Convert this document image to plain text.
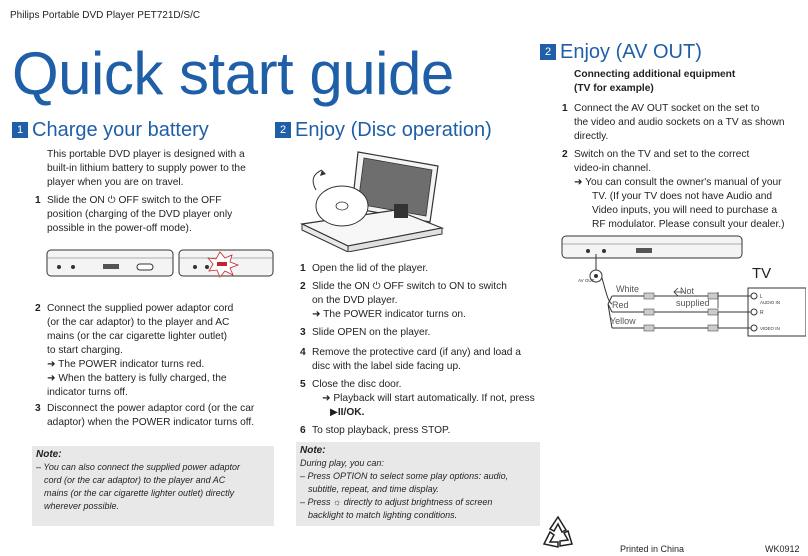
Philips Portable DVD Player PET721D/S/C
Quick start guide
1 Charge your battery
This portable DVD player is designed with a
built-in lithium battery to supply power to the
player when you are on travel.
1 Slide the ON ⏻ OFF switch to the OFF
position (charging of the DVD player only
possible in the power-off mode).
2 Connect the supplied power adaptor cord
(or the car adaptor) to the player and AC
mains (or the car cigarette lighter outlet)
to start charging.
➜ The POWER indicator turns red.
➜ When the battery is fully charged, the
indicator turns off.
3 Disconnect the power adaptor cord (or the car
adaptor) when the POWER indicator turns off.
Note:
– You can also connect the supplied power adaptor
cord (or the car adaptor) to the player and AC
mains (or the car cigarette lighter outlet) directly
wherever possible.
2 Enjoy (Disc operation)
1 Open the lid of the player.
2 Slide the ON ⏻ OFF switch to ON to switch
on the DVD player.
➜ The POWER indicator turns on.
3 Slide OPEN on the player.
4 Remove the protective card (if any) and load a
disc with the label side facing up.
5 Close the disc door.
➜ Playback will start automatically. If not, press
▶II/OK.
6 To stop playback, press STOP.
Note:
During play, you can:
– Press OPTION to select some play options: audio,
subtitle, repeat, and time display.
– Press ☼ directly to adjust brightness of screen
backlight to match lighting conditions.
2 Enjoy (AV OUT)
Connecting additional equipment
(TV for example)
1 Connect the AV OUT socket on the set to
the video and audio sockets on a TV as shown
directly.
2 Switch on the TV and set to the correct
video-in channel.
➜ You can consult the owner's manual of your
TV. (If your TV does not have Audio and
Video inputs, you will need to purchase a
RF modulator. Please consult your dealer.)
White
Red
Yellow
Not
supplied
L
AUDIO IN
R
VIDEO IN
AV OUT	TV
Printed in China	WK0912
